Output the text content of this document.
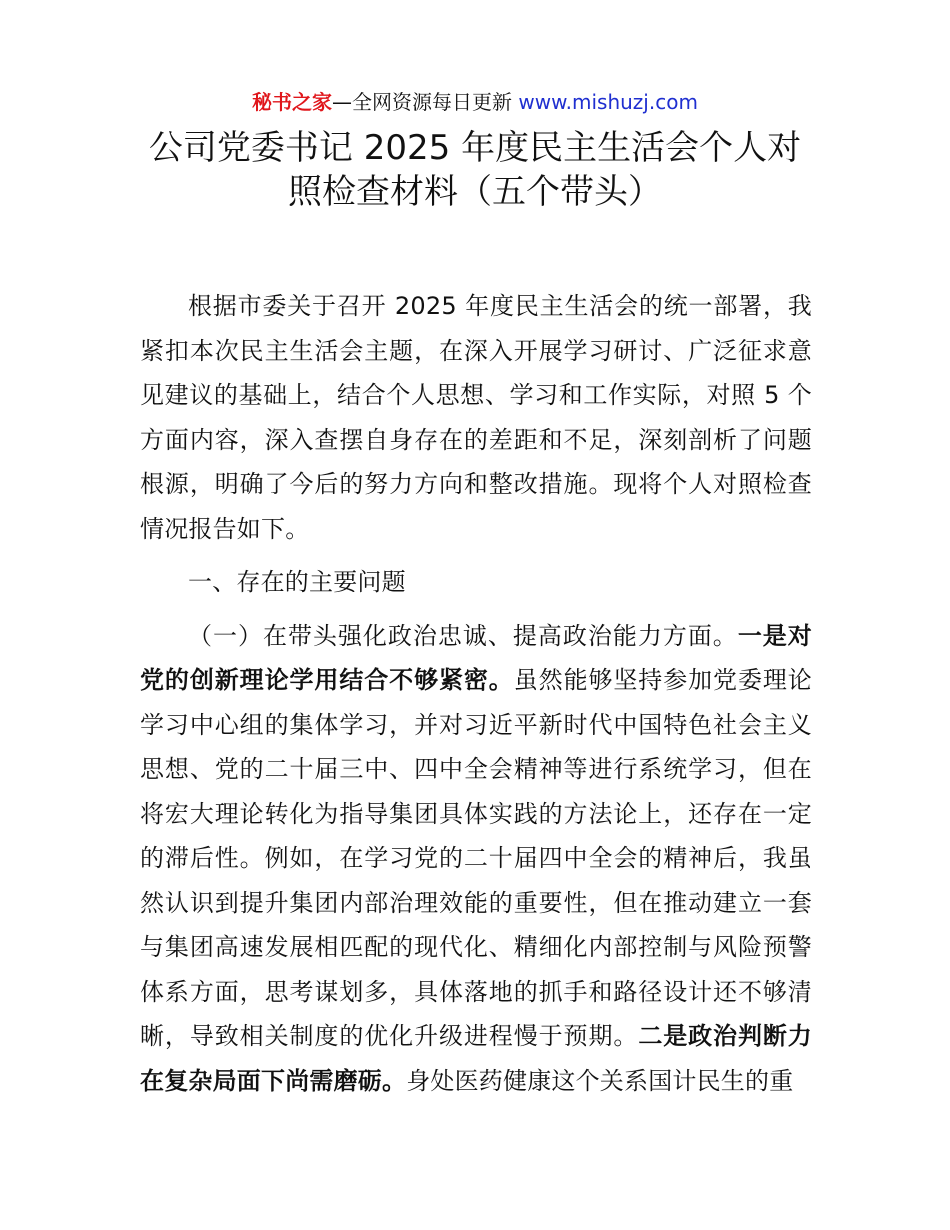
秘书之家—全网资源每日更新 www.mishuzj.com
公司党委书记 2025 年度民主生活会个人对
照检查材料（五个带头）

根据市委关于召开 2025 年度民主生活会的统一部署，我紧扣本次民主生活会主题，在深入开展学习研讨、广泛征求意见建议的基础上，结合个人思想、学习和工作实际，对照 5 个方面内容，深入查摆自身存在的差距和不足，深刻剖析了问题根源，明确了今后的努力方向和整改措施。现将个人对照检查情况报告如下。

一、存在的主要问题

（一）在带头强化政治忠诚、提高政治能力方面。一是对党的创新理论学用结合不够紧密。虽然能够坚持参加党委理论学习中心组的集体学习，并对习近平新时代中国特色社会主义思想、党的二十届三中、四中全会精神等进行系统学习，但在将宏大理论转化为指导集团具体实践的方法论上，还存在一定的滞后性。例如，在学习党的二十届四中全会的精神后，我虽然认识到提升集团内部治理效能的重要性，但在推动建立一套与集团高速发展相匹配的现代化、精细化内部控制与风险预警体系方面，思考谋划多，具体落地的抓手和路径设计还不够清晰，导致相关制度的优化升级进程慢于预期。二是政治判断力在复杂局面下尚需磨砺。身处医药健康这个关系国计民生的重
